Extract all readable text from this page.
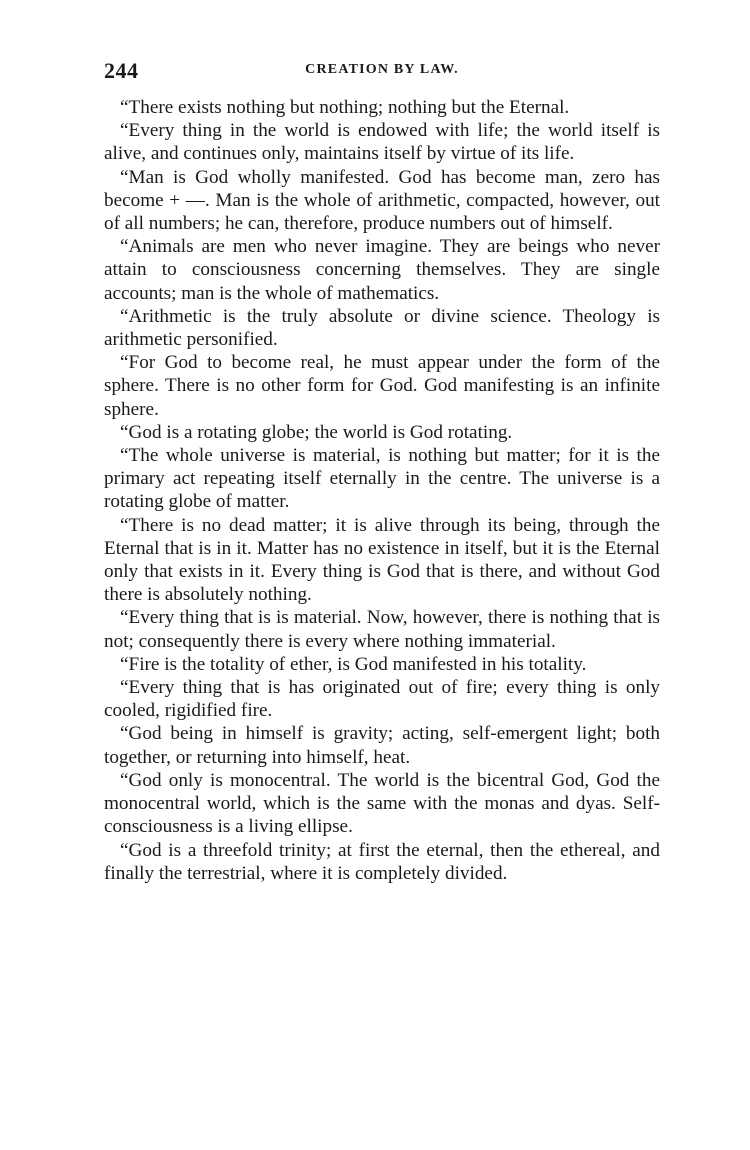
244	CREATION BY LAW.

“There exists nothing but nothing; nothing but the Eternal.

“Every thing in the world is endowed with life; the world itself is alive, and continues only, maintains itself by virtue of its life.

“Man is God wholly manifested. God has become man, zero has become + —. Man is the whole of arithmetic, compacted, however, out of all numbers; he can, therefore, produce numbers out of himself.

“Animals are men who never imagine. They are beings who never attain to consciousness concerning themselves. They are single accounts; man is the whole of mathematics.

“Arithmetic is the truly absolute or divine science. Theology is arithmetic personified.

“For God to become real, he must appear under the form of the sphere. There is no other form for God. God manifesting is an infinite sphere.

“God is a rotating globe; the world is God rotating.

“The whole universe is material, is nothing but matter; for it is the primary act repeating itself eternally in the centre. The universe is a rotating globe of matter.

“There is no dead matter; it is alive through its being, through the Eternal that is in it. Matter has no existence in itself, but it is the Eternal only that exists in it. Every thing is God that is there, and without God there is absolutely nothing.

“Every thing that is is material. Now, however, there is nothing that is not; consequently there is every where nothing immaterial.

“Fire is the totality of ether, is God manifested in his totality.

“Every thing that is has originated out of fire; every thing is only cooled, rigidified fire.

“God being in himself is gravity; acting, self-emergent light; both together, or returning into himself, heat.

“God only is monocentral. The world is the bicentral God, God the monocentral world, which is the same with the monas and dyas. Self-consciousness is a living ellipse.

“God is a threefold trinity; at first the eternal, then the ethereal, and finally the terrestrial, where it is completely divided.
